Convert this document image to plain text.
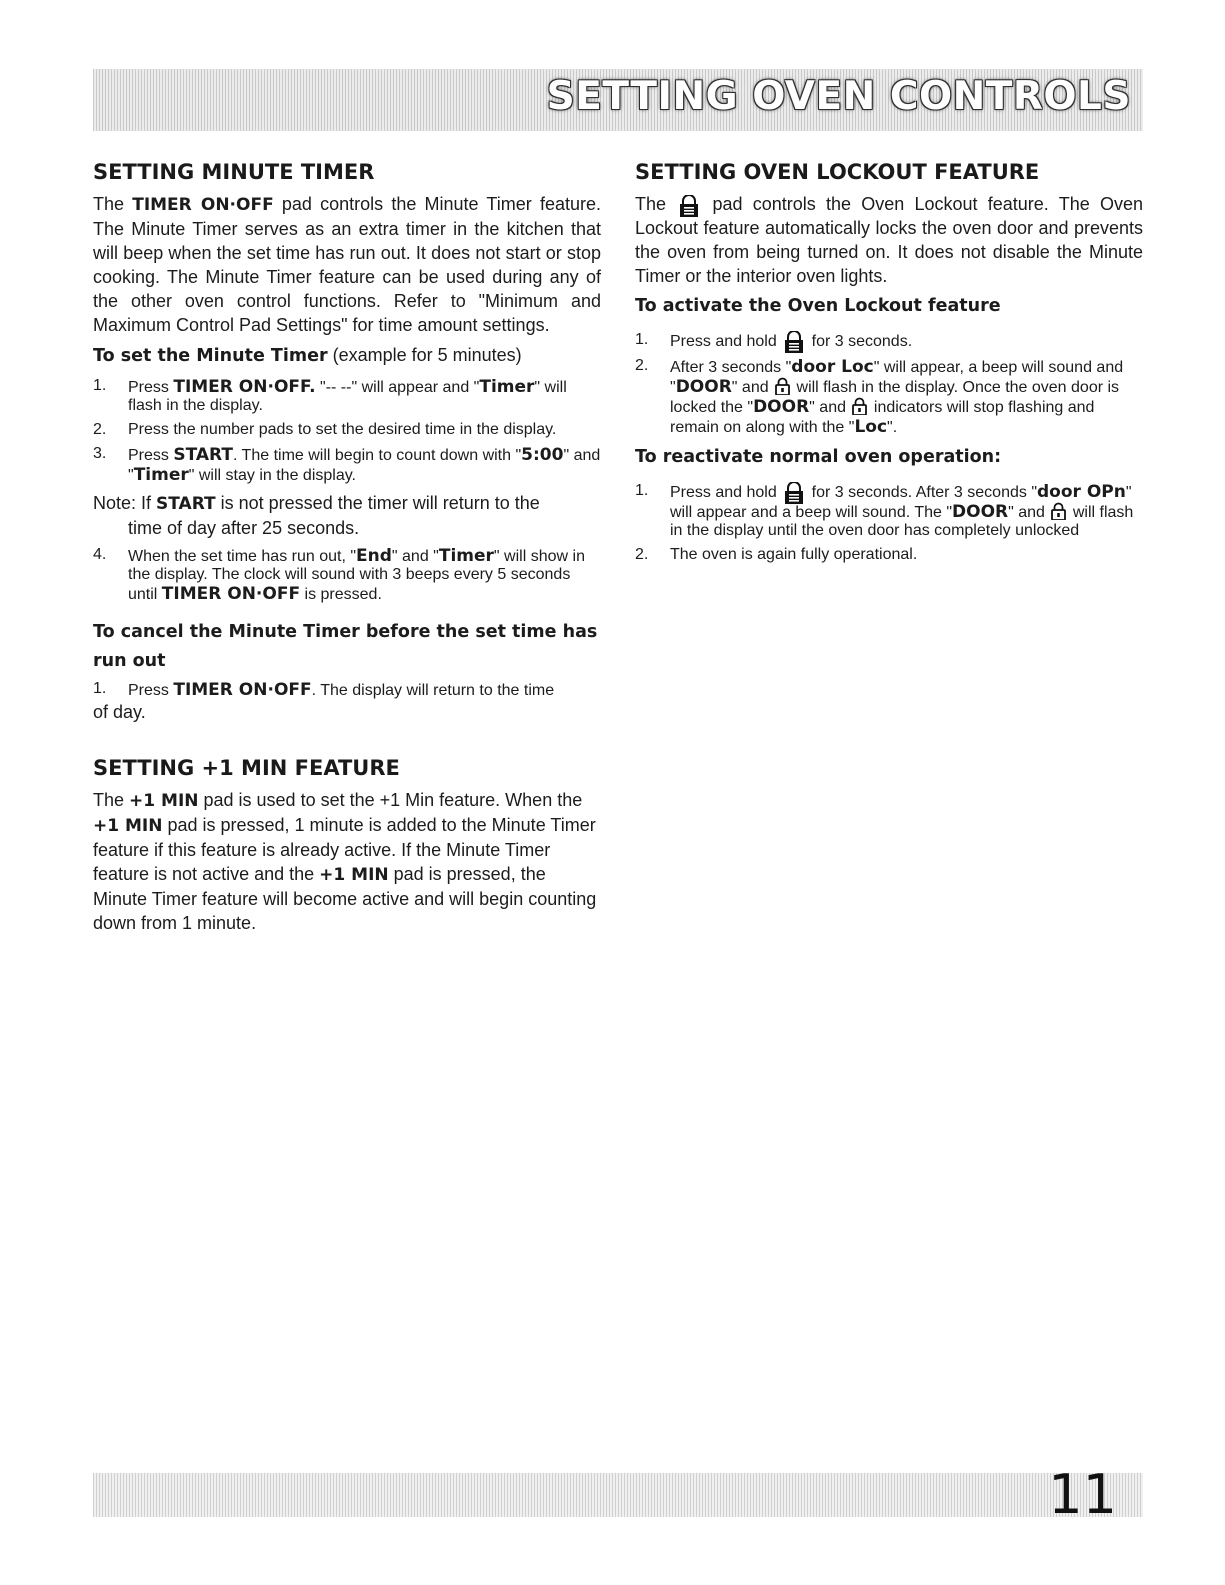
SETTING OVEN CONTROLS
SETTING MINUTE TIMER

The TIMER ON·OFF pad controls the Minute Timer feature. The Minute Timer serves as an extra timer in the kitchen that will beep when the set time has run out. It does not start or stop cooking. The Minute Timer feature can be used during any of the other oven control functions. Refer to "Minimum and Maximum Control Pad Settings" for time amount settings.

To set the Minute Timer (example for 5 minutes)
1.	Press TIMER ON·OFF. "-- --" will appear and "Timer" will flash in the display.
2.	Press the number pads to set the desired time in the display.
3.	Press START. The time will begin to count down with "5:00" and "Timer" will stay in the display.

Note: If START is not pressed the timer will return to the

time of day after 25 seconds.

4.	When the set time has run out, "End" and "Timer" will show in the display. The clock will sound with 3 beeps every 5 seconds until TIMER ON·OFF is pressed.
To cancel the Minute Timer before the set time has run out
1.	Press TIMER ON·OFF. The display will return to the time

of day.

SETTING +1 MIN FEATURE

The +1 MIN pad is used to set the +1 Min feature. When the +1 MIN pad is pressed, 1 minute is added to the Minute Timer feature if this feature is already active. If the Minute Timer feature is not active and the +1 MIN pad is pressed, the Minute Timer feature will become active and will begin counting down from 1 minute.

SETTING OVEN LOCKOUT FEATURE

The
pad controls the Oven Lockout feature. The Oven Lockout feature automatically locks the oven door and prevents the oven from being turned on. It does not disable the Minute Timer or the interior oven lights.

To activate the Oven Lockout feature
1.	Press and hold
for 3 seconds.
2.	After 3 seconds "door Loc" will appear, a beep will sound and "DOOR" and  will flash in the display. Once the oven door is locked the "DOOR" and  indicators will stop flashing and remain on along with the "Loc".
To reactivate normal oven operation:
1.	Press and hold
for 3 seconds. After 3 seconds "door OPn" will appear and a beep will sound. The "DOOR" and  will flash in the display until the oven door has completely unlocked
2.	The oven is again fully operational.
11
